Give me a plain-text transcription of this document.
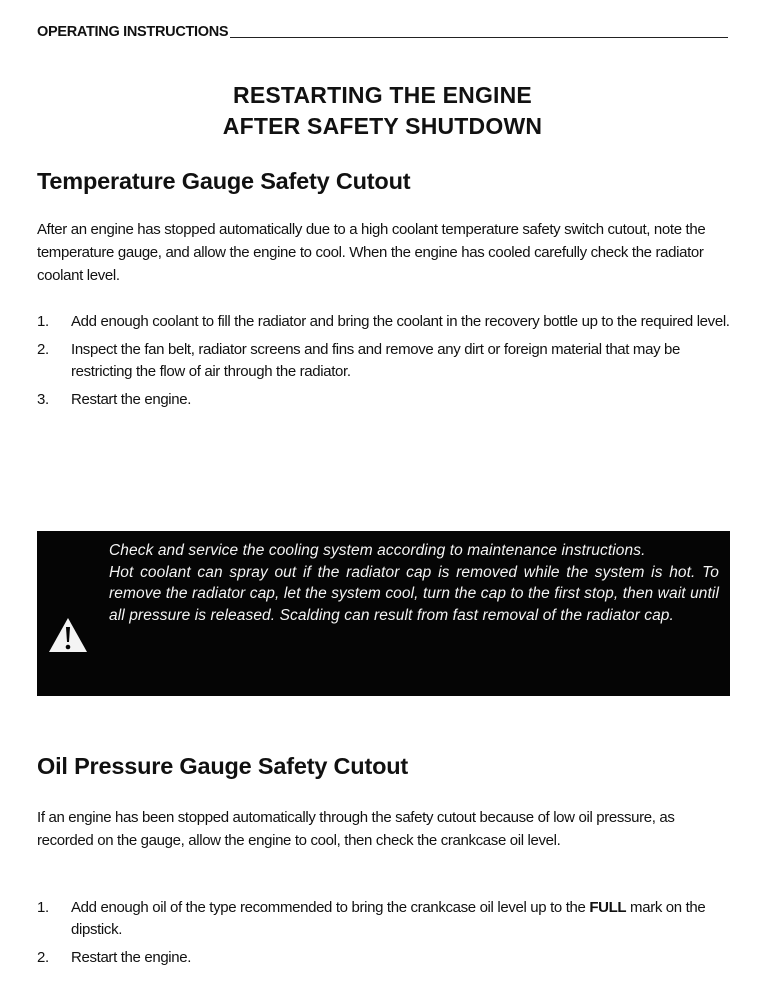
OPERATING INSTRUCTIONS
RESTARTING THE ENGINE
AFTER SAFETY SHUTDOWN
Temperature Gauge Safety Cutout
After an engine has stopped automatically due to a high coolant temperature safety switch cutout, note the temperature gauge, and allow the engine to cool. When the engine has cooled carefully check the radiator coolant level.
1.	Add enough coolant to fill the radiator and bring the coolant in the recovery bottle up to the required level.
2.	Inspect the fan belt, radiator screens and fins and remove any dirt or foreign material that may be restricting the flow of air through the radiator.
3.	Restart the engine.

Check and service the cooling system according to maintenance instructions.

Hot coolant can spray out if the radiator cap is removed while the system is hot. To remove the radiator cap, let the system cool, turn the cap to the first stop, then wait until all pressure is released. Scalding can result from fast removal of the radiator cap.

Oil Pressure Gauge Safety Cutout
If an engine has been stopped automatically through the safety cutout because of low oil pressure, as recorded on the gauge, allow the engine to cool, then check the crankcase oil level.
1.	Add enough oil of the type recommended to bring the crankcase oil level up to the FULL mark on the dipstick.
2.	Restart the engine.
